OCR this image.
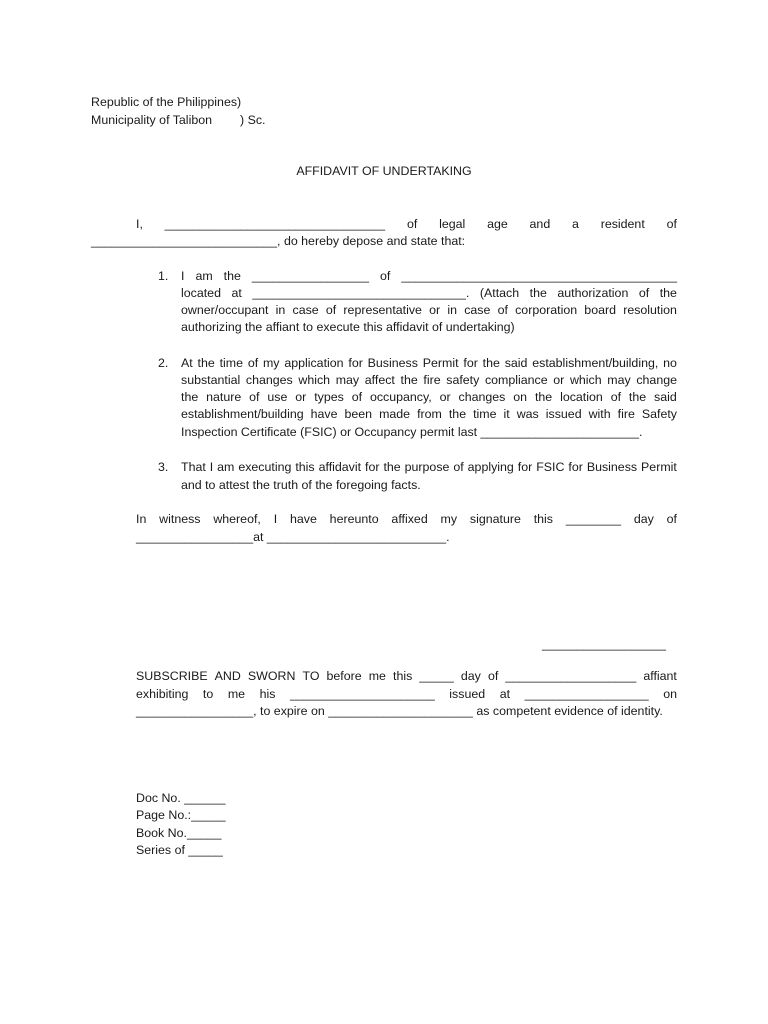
Republic of the Philippines)
Municipality of Talibon ) Sc.
AFFIDAVIT OF UNDERTAKING
I, ________________________________ of legal age and a resident of
___________________________, do hereby depose and state that:
1. I am the _________________ of ________________________________________
located at _______________________________. (Attach the authorization of the
owner/occupant in case of representative or in case of corporation board resolution
authorizing the affiant to execute this affidavit of undertaking)
2. At the time of my application for Business Permit for the said establishment/building, no
substantial changes which may affect the fire safety compliance or which may change
the nature of use or types of occupancy, or changes on the location of the said
establishment/building have been made from the time it was issued with fire Safety
Inspection Certificate (FSIC) or Occupancy permit last _______________________.
3. That I am executing this affidavit for the purpose of applying for FSIC for Business Permit
and to attest the truth of the foregoing facts.
In witness whereof, I have hereunto affixed my signature this ________ day of
_________________at __________________________.
__________________
SUBSCRIBE AND SWORN TO before me this _____ day of ___________________ affiant
exhibiting to me his _____________________ issued at __________________ on
_________________, to expire on _____________________ as competent evidence of identity.
Doc No. ______
Page No.:_____
Book No._____
Series of _____
